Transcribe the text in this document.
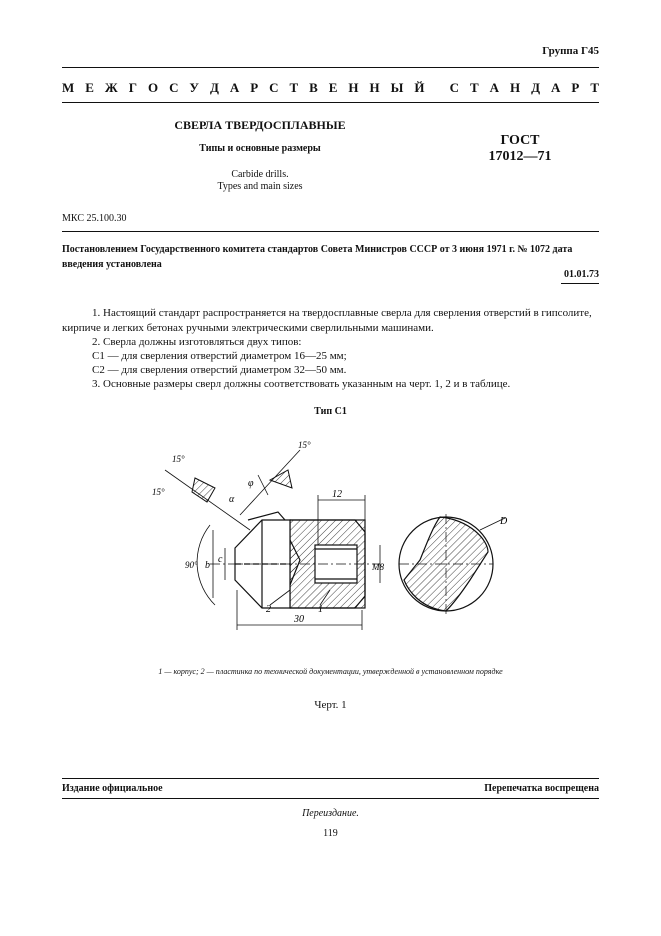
Группа Г45
М Е Ж Г О С У Д А Р С Т В Е Н Н Ы Й
С Т А Н Д А Р Т
СВЕРЛА ТВЕРДОСПЛАВНЫЕ
Типы и основные размеры
Carbide drills.
Types and main sizes
ГОСТ
17012—71
МКС 25.100.30
Постановлением Государственного комитета стандартов Совета Министров СССР от 3 июня 1971 г. № 1072 дата введения установлена
01.01.73
1. Настоящий стандарт распространяется на твердосплавные сверла для сверления отверстий в гипсолите, кирпиче и легких бетонах ручными электрическими сверлильными машинами.
2. Сверла должны изготовляться двух типов:
С1 — для сверления отверстий диаметром 16—25 мм;
С2 — для сверления отверстий диаметром 32—50 мм.
3. Основные размеры сверл должны соответствовать указанным на черт. 1, 2 и в таблице.
Тип С1
15°
15°
15°
90°
φ
α
b
c
12
30
M8
D
1
2
1 — корпус; 2 — пластинка по технической документации, утвержденной в установленном порядке
Черт. 1
Издание официальное	Перепечатка воспрещена
Переиздание.
119
